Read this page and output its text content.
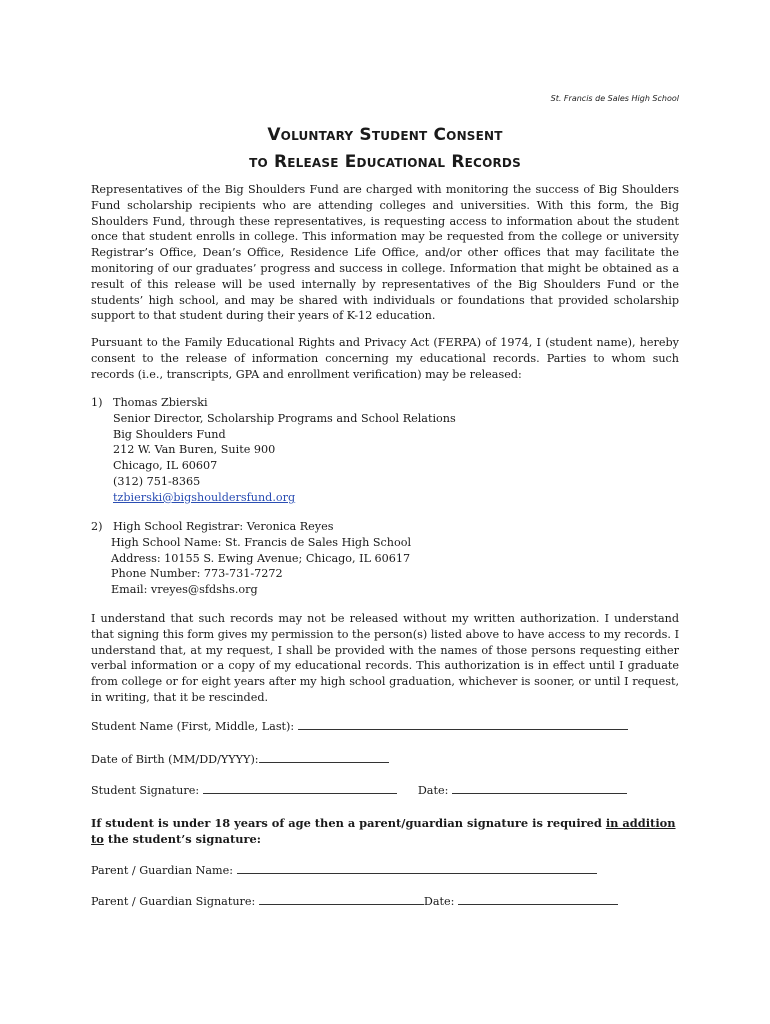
St. Francis de Sales High School
Voluntary Student Consent
to Release Educational Records
Representatives of the Big Shoulders Fund are charged with monitoring the success of Big Shoulders Fund scholarship recipients who are attending colleges and universities. With this form, the Big Shoulders Fund, through these representatives, is requesting access to information about the student once that student enrolls in college. This information may be requested from the college or university Registrar’s Office, Dean’s Office, Residence Life Office, and/or other offices that may facilitate the monitoring of our graduates’ progress and success in college. Information that might be obtained as a result of this release will be used internally by representatives of the Big Shoulders Fund or the students’ high school, and may be shared with individuals or foundations that provided scholarship support to that student during their years of K-12 education.
Pursuant to the Family Educational Rights and Privacy Act (FERPA) of 1974, I (student name), hereby consent to the release of information concerning my educational records. Parties to whom such records (i.e., transcripts, GPA and enrollment verification) may be released:
1) Thomas Zbierski
Senior Director, Scholarship Programs and School Relations
Big Shoulders Fund
212 W. Van Buren, Suite 900
Chicago, IL 60607
(312) 751-8365
tzbierski@bigshouldersfund.org
2) High School Registrar: Veronica Reyes
High School Name: St. Francis de Sales High School
Address: 10155 S. Ewing Avenue; Chicago, IL 60617
Phone Number: 773-731-7272
Email: vreyes@sfdshs.org
I understand that such records may not be released without my written authorization. I understand that signing this form gives my permission to the person(s) listed above to have access to my records. I understand that, at my request, I shall be provided with the names of those persons requesting either verbal information or a copy of my educational records. This authorization is in effect until I graduate from college or for eight years after my high school graduation, whichever is sooner, or until I request, in writing, that it be rescinded.
Student Name (First, Middle, Last):
Date of Birth (MM/DD/YYYY):
Student Signature:	Date:
If student is under 18 years of age then a parent/guardian signature is required in addition to the student’s signature:
Parent / Guardian Name:
Parent / Guardian Signature:	Date:
